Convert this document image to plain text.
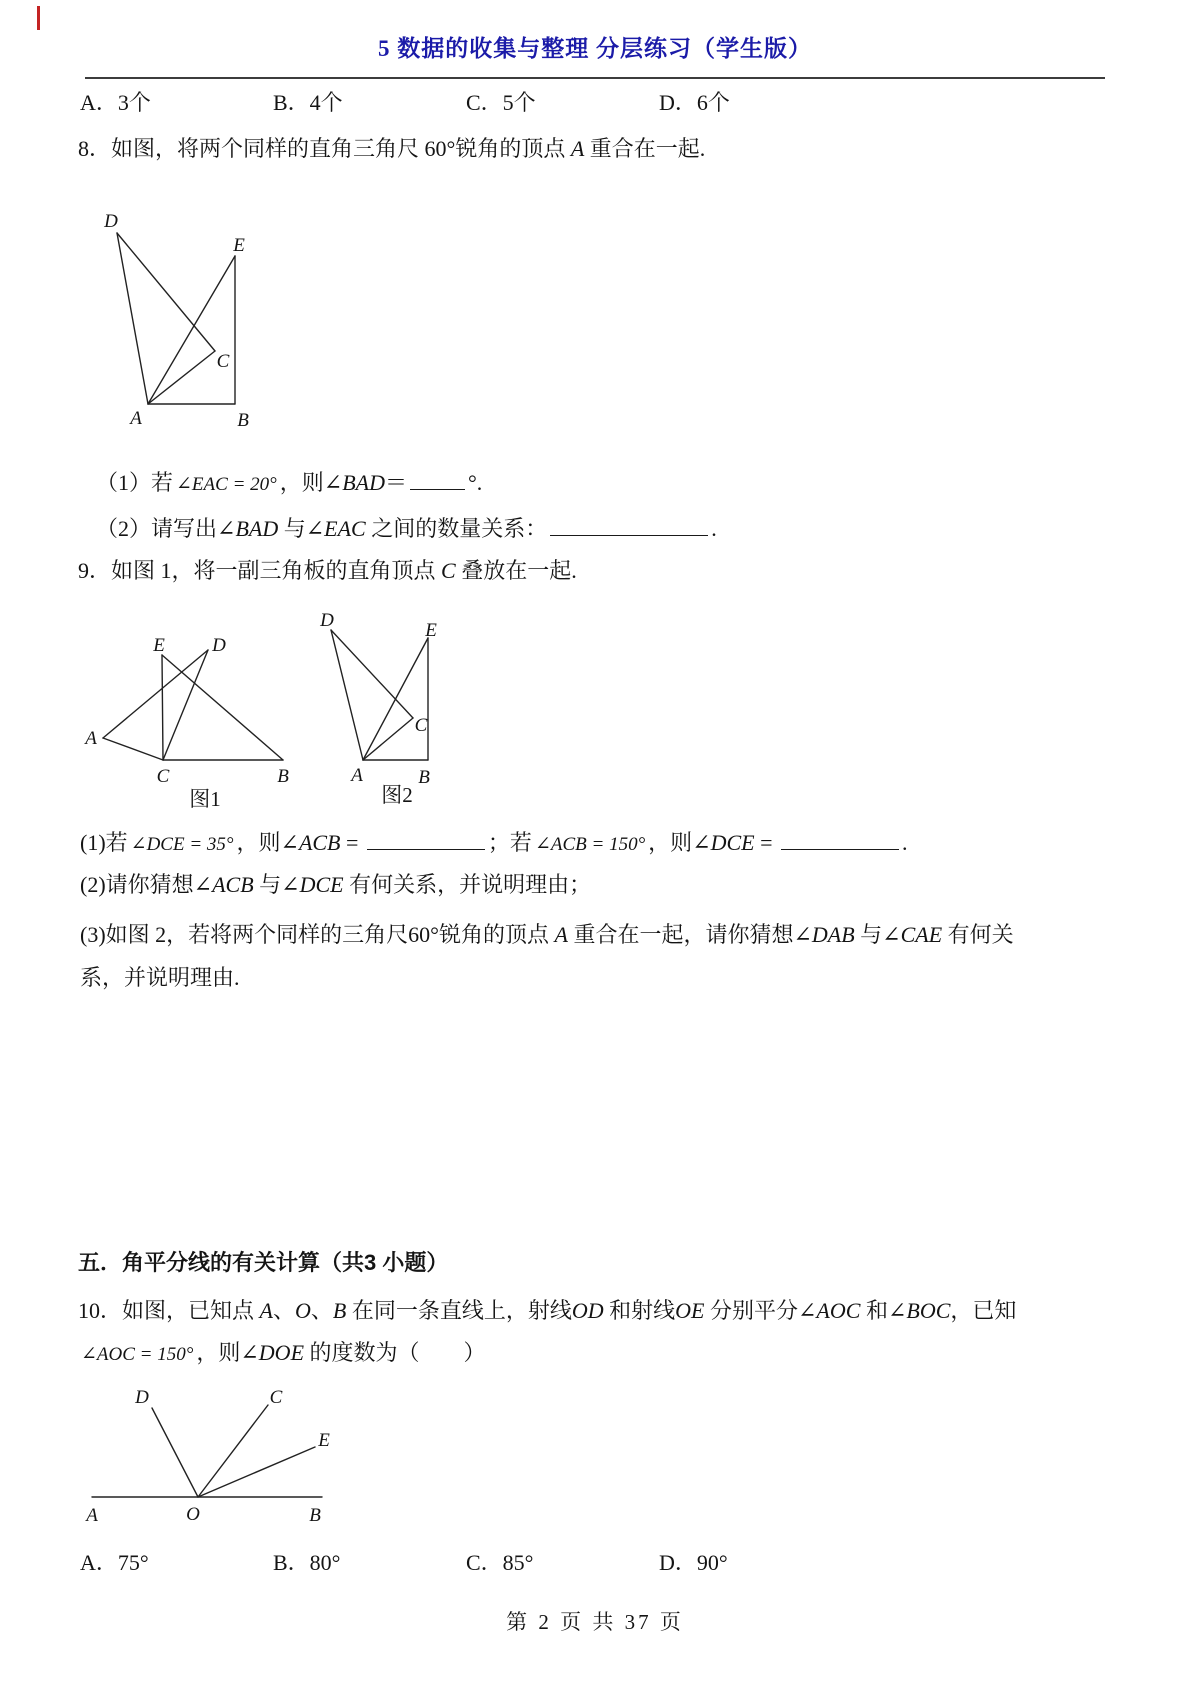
5 数据的收集与整理 分层练习（学生版）
A．3个	B．4个	C．5个	D．6个
8．如图，将两个同样的直角三角尺 60°锐角的顶点 A 重合在一起.
D
E
C
A	B
（1）若 ∠EAC = 20° ，则∠BAD＝	°.
（2）请写出∠BAD 与∠EAC 之间的数量关系：	.
9．如图 1，将一副三角板的直角顶点 C 叠放在一起.
E D
A
C	B
图1
D	E
C
A	B
图2
(1)若 ∠DCE = 35° ，则∠ACB =	；若 ∠ACB = 150° ，则∠DCE =	.
(2)请你猜想∠ACB 与∠DCE 有何关系，并说明理由；
(3)如图 2，若将两个同样的三角尺60°锐角的顶点 A 重合在一起，请你猜想∠DAB 与∠CAE 有何关
系，并说明理由.
五．角平分线的有关计算（共3 小题）
10．如图，已知点 A、O、B 在同一条直线上，射线OD 和射线OE 分别平分∠AOC 和∠BOC，已知
∠AOC = 150° ，则∠DOE 的度数为（　　）
D	C
E
A	O	B
A．75°	B．80°	C．85°	D．90°
第 2 页 共 37 页
